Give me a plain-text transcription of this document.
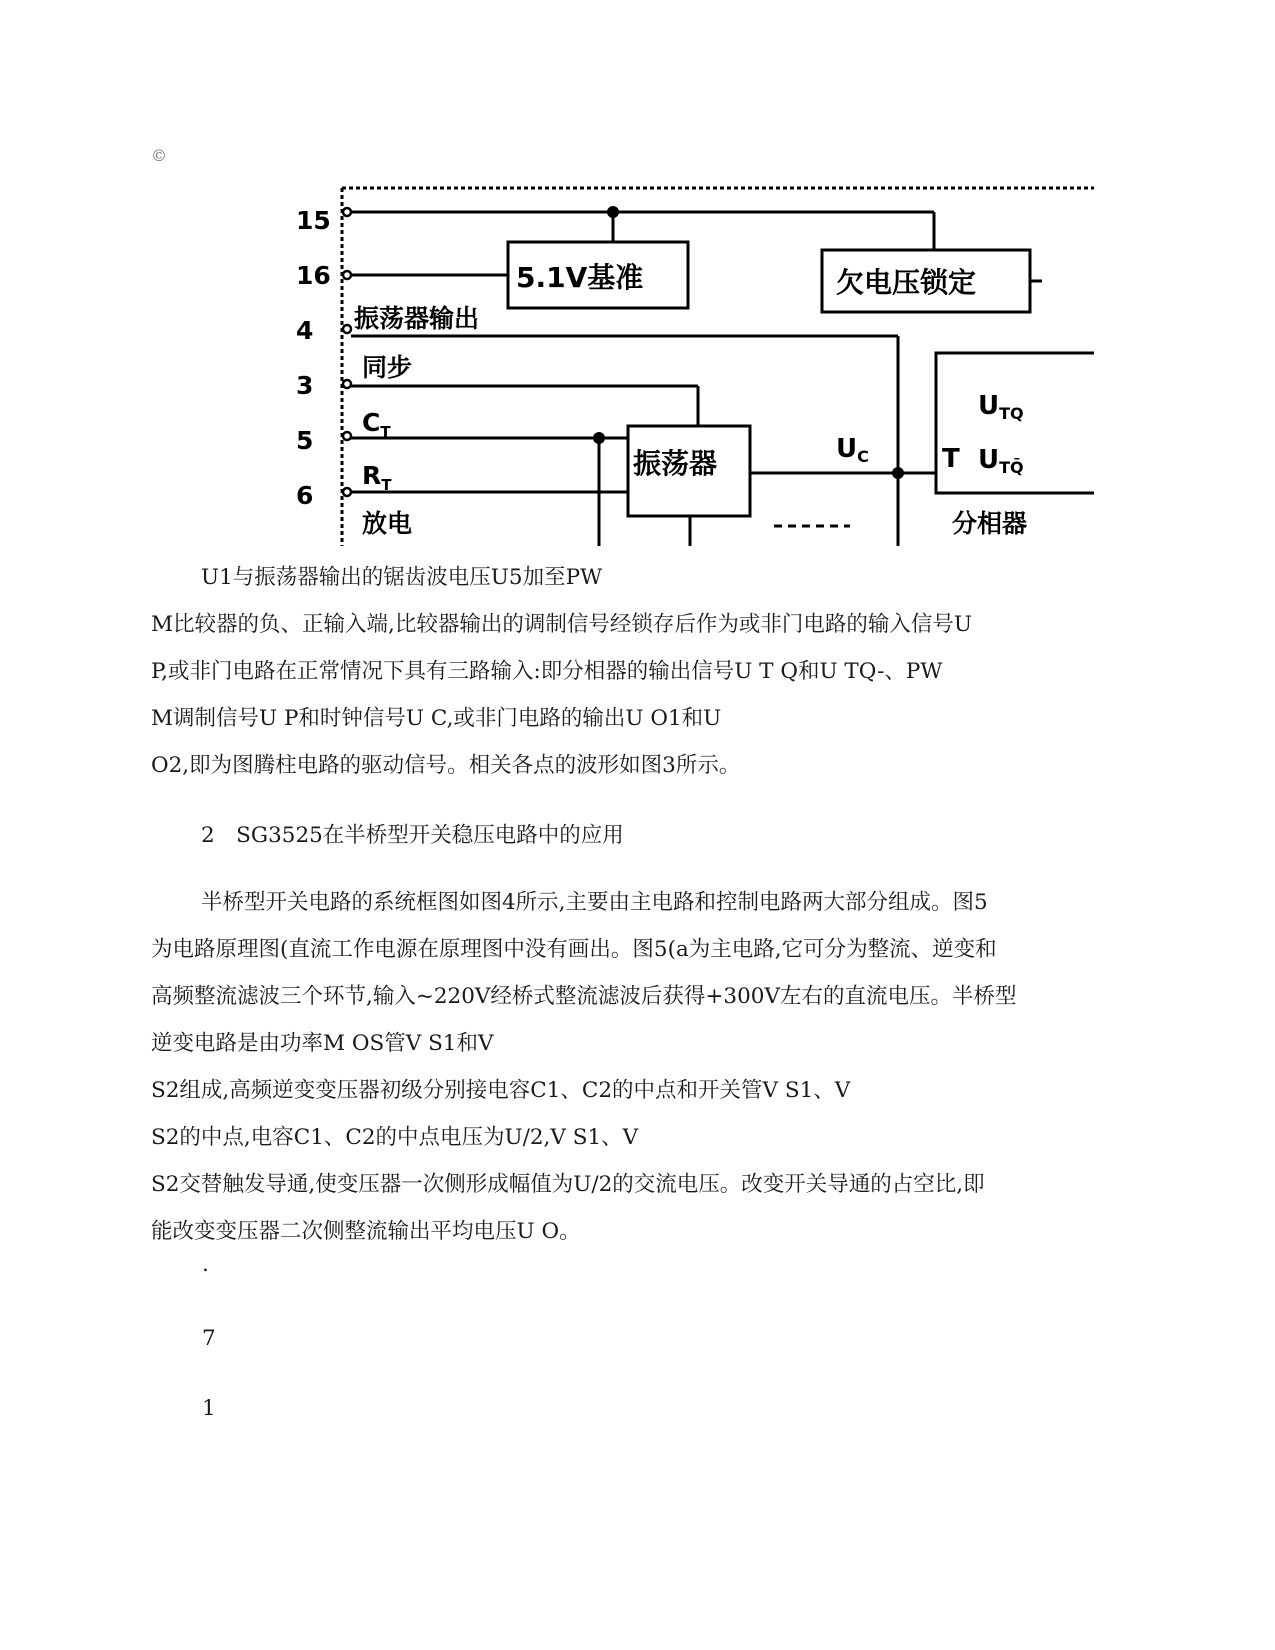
©
15
16
4
3
5
6
5.1V基准	欠电压锁定
振荡器输出
同步
$C_T$
$R_T$
放电
振荡器	UC	T
UTQ
UTQ̄
分相器
U1与振荡器输出的锯齿波电压U5加至PW
M比较器的负、正输入端,比较器输出的调制信号经锁存后作为或非门电路的输入信号U
P,或非门电路在正常情况下具有三路输入:即分相器的输出信号U T Q和U TQ-、PW
M调制信号U P和时钟信号U C,或非门电路的输出U O1和U
O2,即为图腾柱电路的驱动信号。相关各点的波形如图3所示。
2　SG3525在半桥型开关稳压电路中的应用
半桥型开关电路的系统框图如图4所示,主要由主电路和控制电路两大部分组成。图5
为电路原理图(直流工作电源在原理图中没有画出。图5(a为主电路,它可分为整流、逆变和
高频整流滤波三个环节,输入~220V经桥式整流滤波后获得+300V左右的直流电压。半桥型
逆变电路是由功率M OS管V S1和V
S2组成,高频逆变变压器初级分别接电容C1、C2的中点和开关管V S1、V
S2的中点,电容C1、C2的中点电压为U/2,V S1、V
S2交替触发导通,使变压器一次侧形成幅值为U/2的交流电压。改变开关导通的占空比,即
能改变变压器二次侧整流输出平均电压U O。
.
7
1
